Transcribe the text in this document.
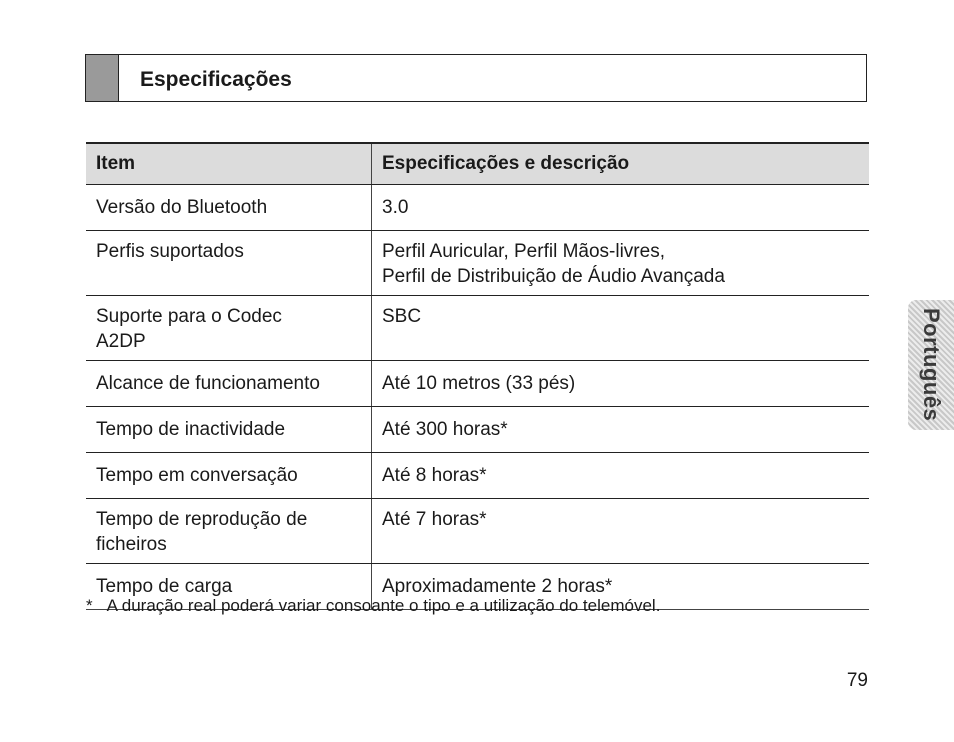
Especificações
Item	Especificações e descrição
Versão do Bluetooth	3.0
Perfis suportados	Perfil Auricular, Perfil Mãos-livres,
Perfil de Distribuição de Áudio Avançada
Suporte para o Codec
A2DP	SBC
Alcance de funcionamento	Até 10 metros (33 pés)
Tempo de inactividade	Até 300 horas*
Tempo em conversação	Até 8 horas*
Tempo de reprodução de
ficheiros	Até 7 horas*
Tempo de carga	Aproximadamente 2 horas*
* A duração real poderá variar consoante o tipo e a utilização do telemóvel.
79
Português
